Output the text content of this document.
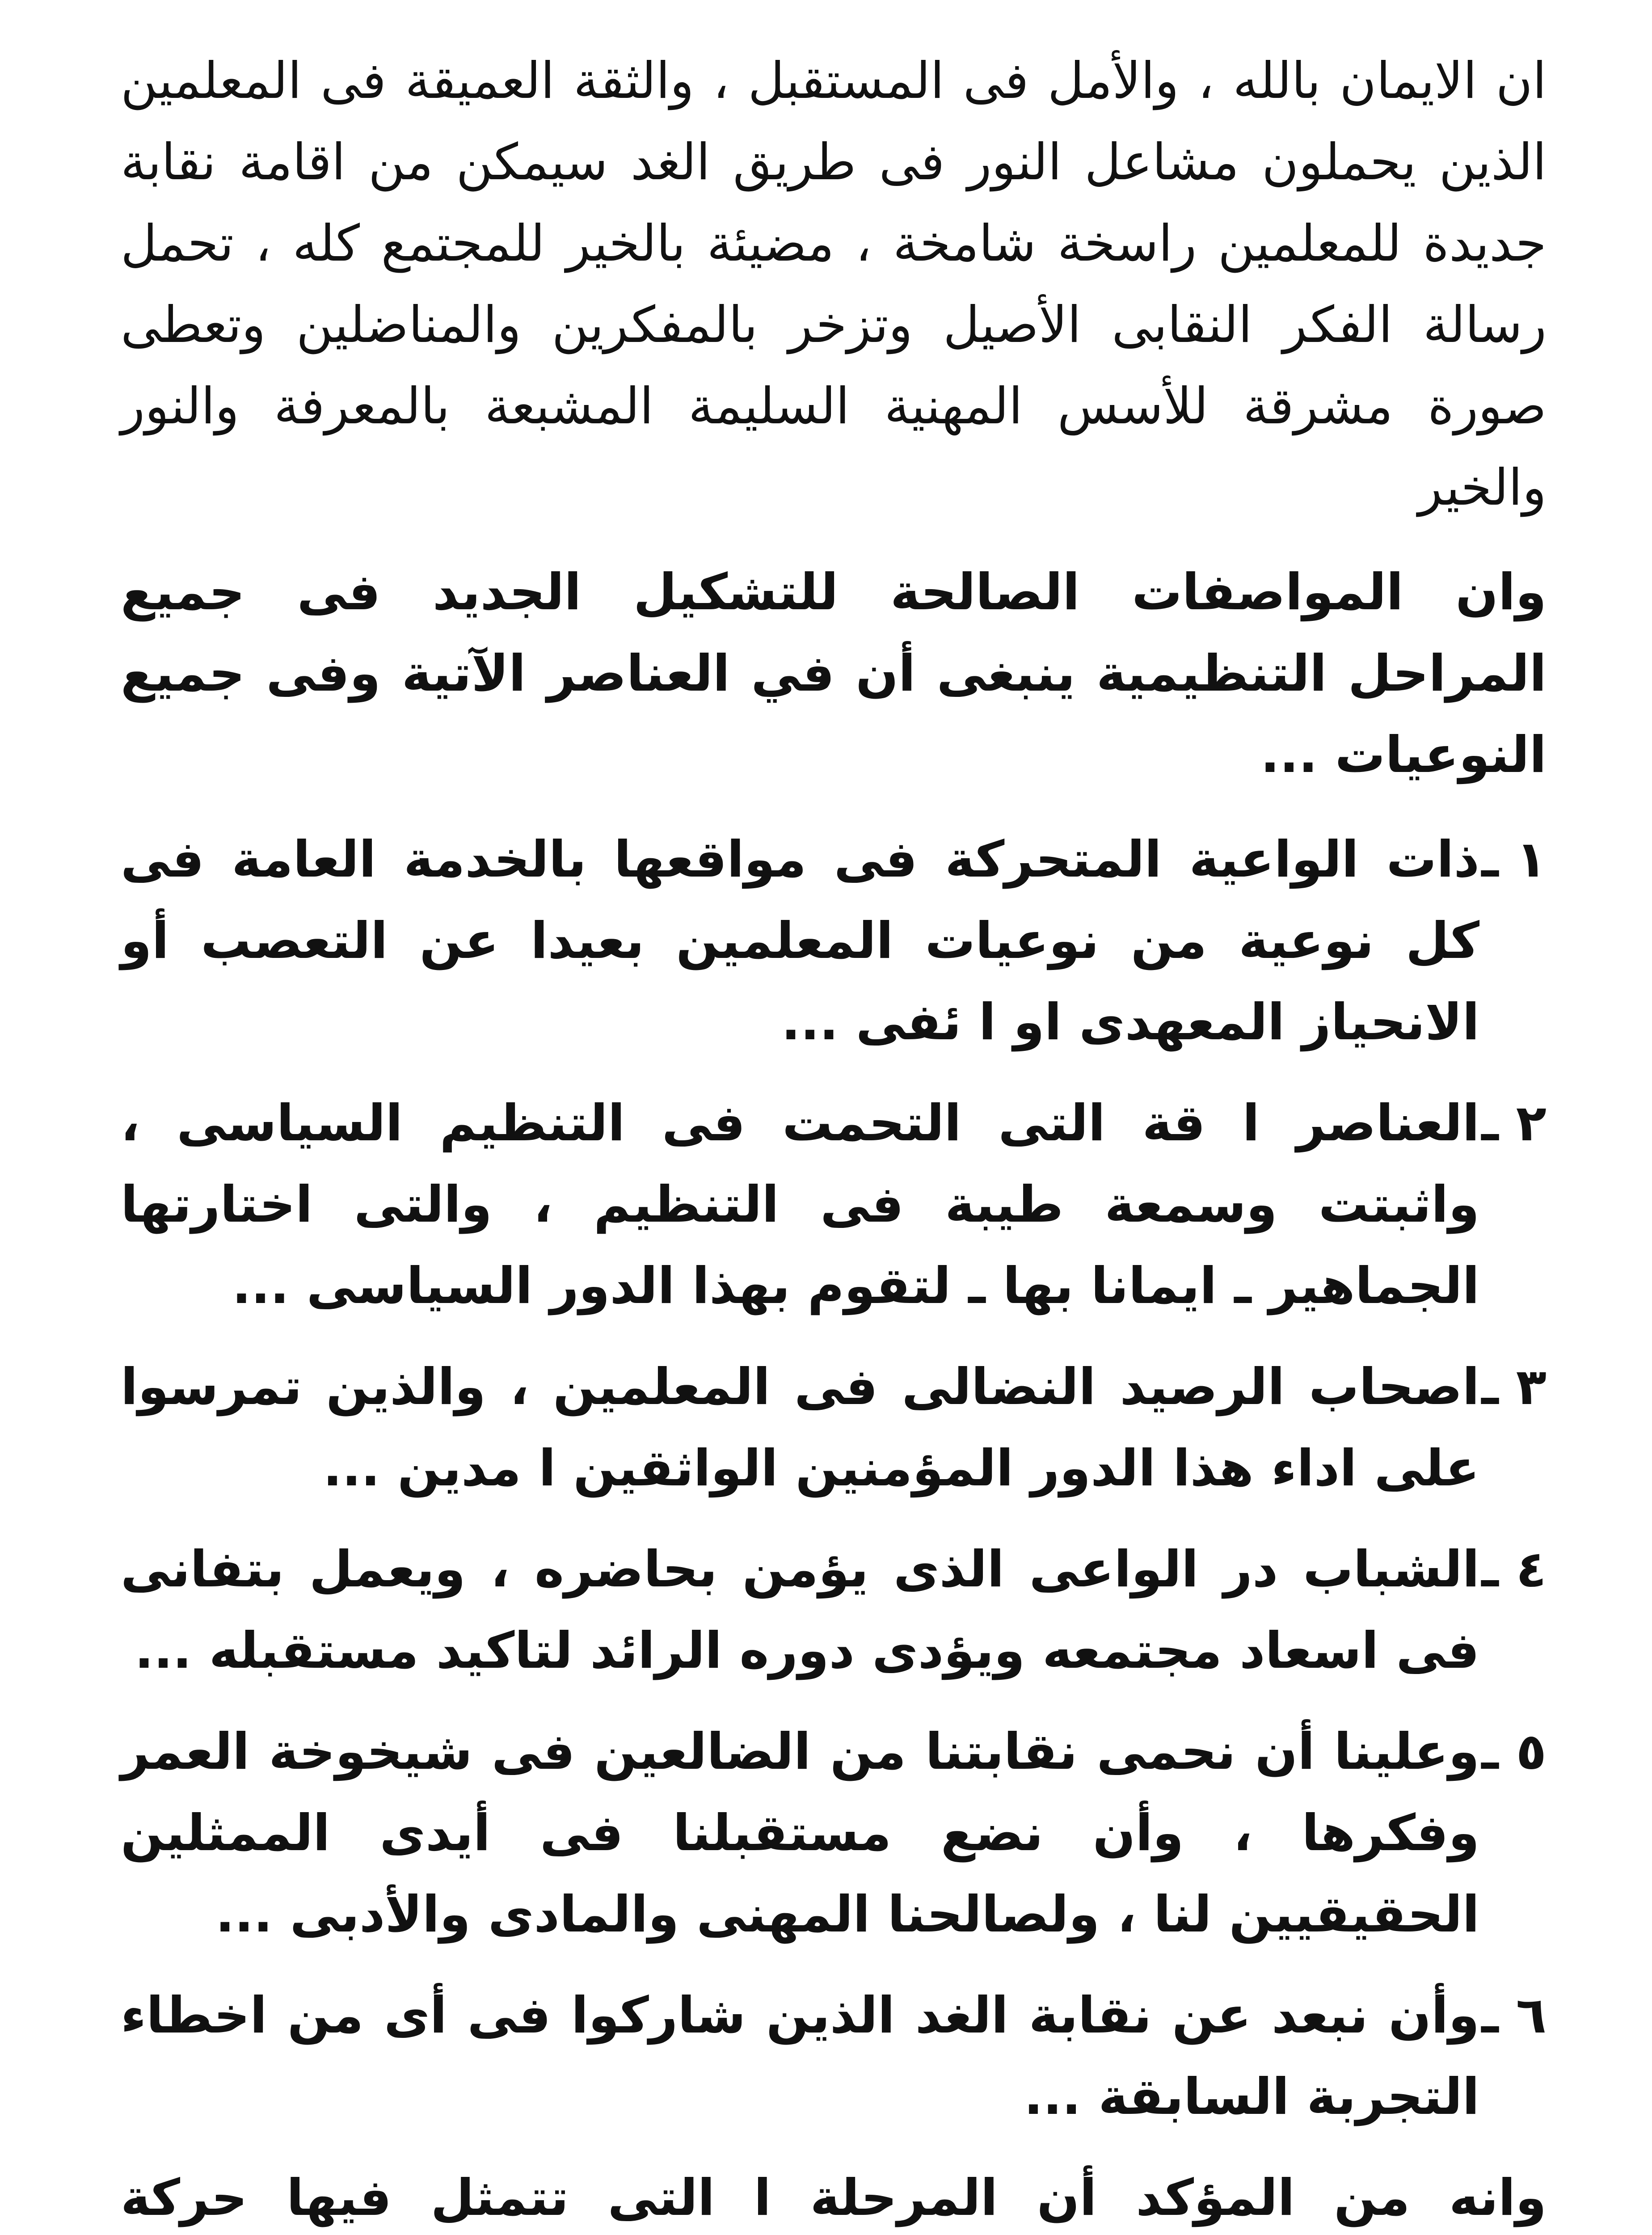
ان الايمان بالله ، والأمل فى المستقبل ، والثقة العميقة فى المعلمين الذين يحملون مشاعل النور فى طريق الغد سيمكن من اقامة نقابة جديدة للمعلمين راسخة شامخة ، مضيئة بالخير للمجتمع كله ، تحمل رسالة الفكر النقابى الأصيل وتزخر بالمفكرين والمناضلين وتعطى صورة مشرقة للأسس المهنية السليمة المشبعة بالمعرفة والنور والخير

وان المواصفات الصالحة للتشكيل الجديد فى جميع المراحل التنظيمية ينبغى أن في العناصر الآتية وفى جميع النوعيات ...

١ ـ
ذات الواعية المتحركة فى مواقعها بالخدمة العامة فى كل نوعية من نوعيات المعلمين بعيدا عن التعصب أو الانحياز المعهدى او ا ئفى ...
٢ ـ
العناصر ا قة التى التحمت فى التنظيم السياسى ، واثبتت وسمعة طيبة فى التنظيم ، والتى اختارتها الجماهير ـ ايمانا بها ـ لتقوم بهذا الدور السياسى ...
٣ ـ
اصحاب الرصيد النضالى فى المعلمين ، والذين تمرسوا على اداء هذا الدور المؤمنين الواثقين ا مدين ...
٤ ـ
الشباب در الواعى الذى يؤمن بحاضره ، ويعمل بتفانى فى اسعاد مجتمعه ويؤدى دوره الرائد لتاكيد مستقبله ...
٥ ـ
وعلينا أن نحمى نقابتنا من الضالعين فى شيخوخة العمر وفكرها ، وأن نضع مستقبلنا فى أيدى الممثلين الحقيقيين لنا ، ولصالحنا المهنى والمادى والأدبى ...
٦ ـ
وأن نبعد عن نقابة الغد الذين شاركوا فى أى من اخطاء التجربة السابقة ...

وانه من المؤكد أن المرحلة ا التى تتمثل فيها حركة
